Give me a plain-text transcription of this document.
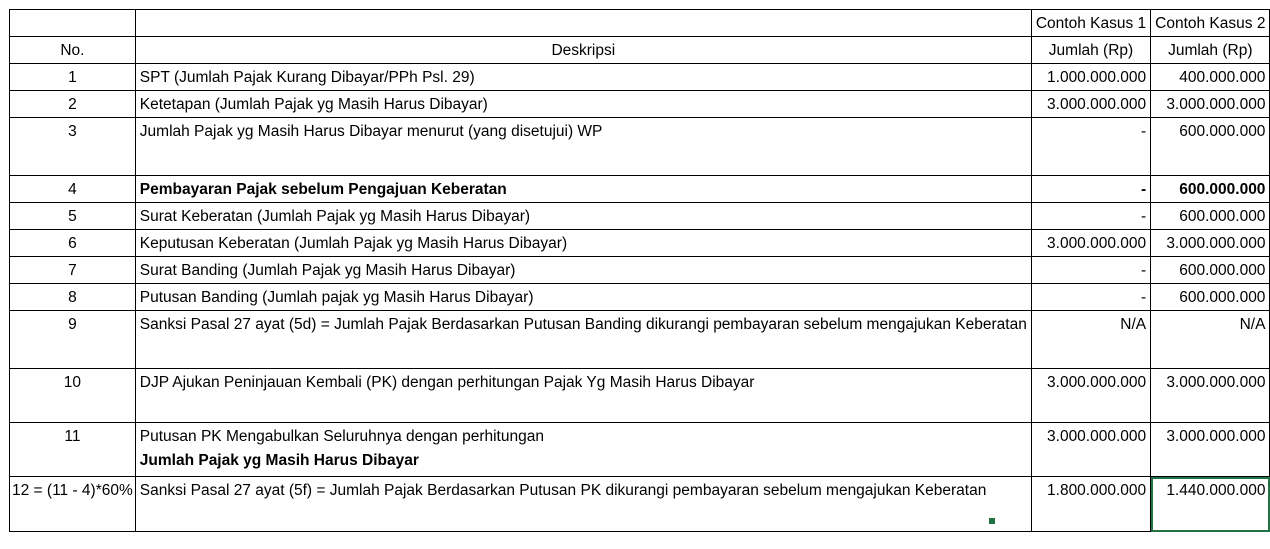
		Contoh Kasus 1	Contoh Kasus 2
No.	Deskripsi	Jumlah (Rp)	Jumlah (Rp)
1	SPT (Jumlah Pajak Kurang Dibayar/PPh Psl. 29)	1.000.000.000	400.000.000
2	Ketetapan (Jumlah Pajak yg Masih Harus Dibayar)	3.000.000.000	3.000.000.000
3	Jumlah Pajak yg Masih Harus Dibayar menurut (yang disetujui) WP	-	600.000.000
4	Pembayaran Pajak sebelum Pengajuan Keberatan	-	600.000.000
5	Surat Keberatan (Jumlah Pajak yg Masih Harus Dibayar)	-	600.000.000
6	Keputusan Keberatan (Jumlah Pajak yg Masih Harus Dibayar)	3.000.000.000	3.000.000.000
7	Surat Banding (Jumlah Pajak yg Masih Harus Dibayar)	-	600.000.000
8	Putusan Banding (Jumlah pajak yg Masih Harus Dibayar)	-	600.000.000
9	Sanksi Pasal 27 ayat (5d) = Jumlah Pajak Berdasarkan Putusan Banding dikurangi pembayaran sebelum mengajukan Keberatan	N/A	N/A
10	DJP Ajukan Peninjauan Kembali (PK) dengan perhitungan Pajak Yg Masih Harus Dibayar	3.000.000.000	3.000.000.000
11	Putusan PK Mengabulkan Seluruhnya dengan perhitungan
Jumlah Pajak yg Masih Harus Dibayar	3.000.000.000	3.000.000.000
12 = (11 - 4)*60%	Sanksi Pasal 27 ayat (5f) = Jumlah Pajak Berdasarkan Putusan PK dikurangi pembayaran sebelum mengajukan Keberatan	1.800.000.000	1.440.000.000
